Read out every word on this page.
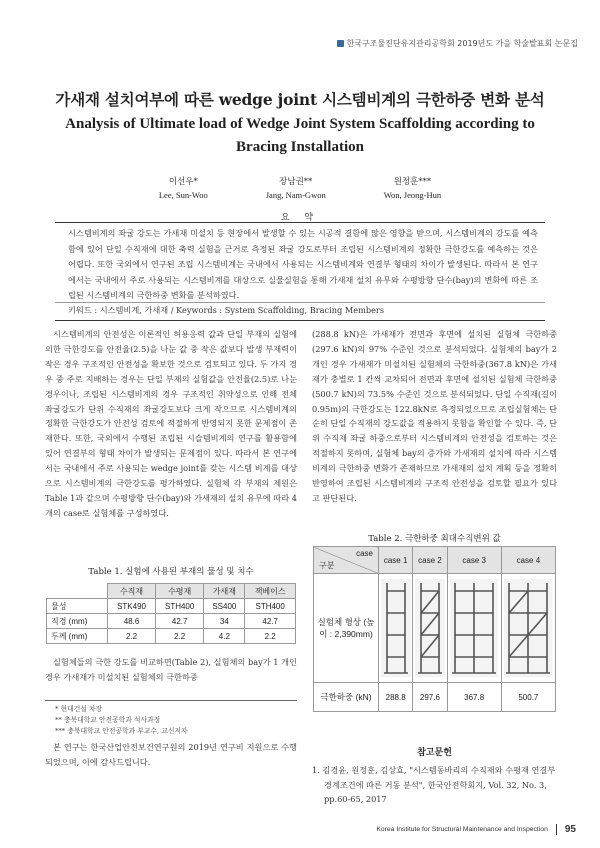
한국구조물진단유지관리공학회 2019년도 가을 학술발표회 논문집
가새재 설치여부에 따른 wedge joint 시스템비계의 극한하중 변화 분석
Analysis of Ultimate load of Wedge Joint System Scaffolding according to Bracing Installation
이선우*
Lee, Sun-Woo
장남권**
Jang, Nam-Gwon
원정훈***
Won, Jeong-Hun
요 약
시스템비계의 좌굴 강도는 가새재 미설치 등 현장에서 발생할 수 있는 시공적 결함에 많은 영향을 받으며, 시스템비계의 강도를 예측함에 있어 단일 수직재에 대한 축력 실험을 근거로 측정된 좌굴 강도로부터 조립된 시스템비계의 정확한 극한강도를 예측하는 것은 어렵다. 또한 국외에서 연구된 조립 시스템비계는 국내에서 사용되는 시스템비계와 연결부 형태의 차이가 발생된다. 따라서 본 연구에서는 국내에서 주로 사용되는 시스템비계를 대상으로 실물실험을 통해 가새재 설치 유무와 수평방향 단수(bay)의 변화에 따른 조립된 시스템비계의 극한하중 변화를 분석하였다.
키워드 : 시스템비계, 가새재 / Keywords : System Scaffolding, Bracing Members

시스템비계의 안전성은 이론적인 허용응력 값과 단일 부재의 실험에 의한 극한강도를 안전율(2.5)을 나눈 값 중 작은 값보다 발생 부재력이 작은 경우 구조적인 안전성을 확보한 것으로 검토되고 있다. 두 가지 경우 중 주로 지배하는 경우는 단일 부재의 실험값을 안전율(2.5)로 나눈 경우이나, 조립된 시스템비계의 경우 구조적인 취약성으로 인해 전체 좌굴강도가 단위 수직재의 좌굴강도보다 크게 작으므로 시스템비계의 정확한 극한강도가 안전성 검토에 적절하게 반영되지 못한 문제점이 존재한다. 또한, 국외에서 수행된 조립된 시슬템비계의 연구를 활용함에 있어 연결부의 형태 차이가 발생되는 문제점이 있다. 따라서 본 연구에서는 국내에서 주로 사용되는 wedge joint를 갖는 시스템 비계를 대상으로 시스템비계의 극한강도를 평가하였다. 실험체 각 부재의 제원은 Table 1과 같으며 수평방향 단수(bay)와 가새재의 설치 유무에 따라 4 개의 case로 실험체를 구성하였다.

Table 1. 실험에 사용된 부재의 물성 및 치수
	수직재	수평재	가새재	잭베이스
물성	STK490	STH400	SS400	STH400
직경 (mm)	48.6	42.7	34	42.7
두께 (mm)	2.2	2.2	4.2	2.2
실험체들의 극한 강도를 비교하면(Table 2), 실험체의 bay가 1 개인 경우 가새재가 미설치된 실험체의 극한하중
* 현대건설 차장
** 충북대학교 안전공학과 석사과정
*** 충북대학교 안전공학과 부교수, 교신저자
본 연구는 한국산업안전보건연구원의 2019년 연구비 지원으로 수행되었으며, 이에 감사드립니다.

(288.8 kN)은 가새재가 전면과 후면에 설치된 실험체 극한하중(297.6 kN)의 97% 수준인 것으로 분석되었다. 실험체의 bay가 2 개인 경우 가새재가 미설치된 실험체의 극한하중(367.8 kN)은 가새재가 충별로 1 칸씩 교차되어 전면과 후면에 설치된 실험체 극한하중(500.7 kN)의 73.5% 수준인 것으로 분석되었다. 단일 수직재(길이 0.95m)의 극한강도는 122.8kN로 측정되었으므로 조립실험체는 단순히 단일 수직재의 강도값을 적용하지 못함을 확인할 수 있다. 즉, 단위 수직재 좌굴 하중으로부터 시스템비계의 안전성을 검토하는 것은 적절하지 못하며, 실험체 bay의 증가와 가새재의 설치에 따라 시스템비계의 극한하중 변화가 존재하므로 가새재의 설치 계획 등을 정확히 반영하여 조립된 시스템비계의 구조적 안전성을 검토할 필요가 있다고 판단된다.

Table 2. 극한하중 최대수직변위 값
case
구분	case 1	case 2	case 3	case 4
실험체 형상 (높이 : 2,390mm)	

극한하중 (kN)	288.8	297.6	367.8	500.7
참고문헌
1. 김경윤, 원정훈, 김상효, "시스템동바리의 수직재와 수평재 연결부 경계조건에 따른 거동 분석", 한국안전학회지, Vol. 32, No. 3, pp.60-65, 2017
Korea Institute for Structural Maintenance and Inspection	95
